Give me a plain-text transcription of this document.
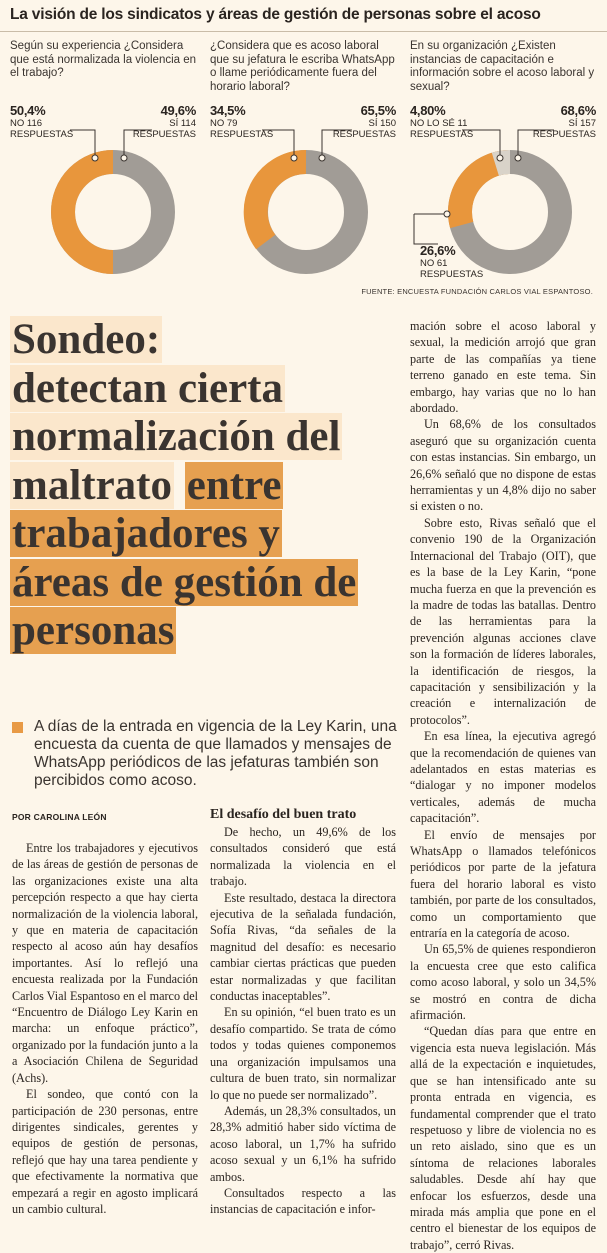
La visión de los sindicatos y áreas de gestión de personas sobre el acoso
Según su experiencia ¿Considera que está normalizada la violencia en el trabajo?
50,4%
NO 116
RESPUESTAS
49,6%
SÍ 114
RESPUESTAS
¿Considera que es acoso laboral que su jefatura le escriba WhatsApp o llame periódicamente fuera del horario laboral?
34,5%
NO 79
RESPUESTAS
65,5%
SÍ 150
RESPUESTAS
En su organización ¿Existen instancias de capacitación e información sobre el acoso laboral y sexual?
4,80%
NO LO SÉ 11
RESPUESTAS
68,6%
SÍ 157
RESPUESTAS
26,6%
NO 61
RESPUESTAS
FUENTE: ENCUESTA FUNDACIÓN CARLOS VIAL ESPANTOSO.
Sondeo:
detectan cierta
normalización del
maltrato entre
trabajadores y
áreas de gestión de
personas
A días de la entrada en vigencia de la Ley Karin, una encuesta da cuenta de que llamados y mensajes de WhatsApp periódicos de las jefaturas también son percibidos como acoso.
POR CAROLINA LEÓN	El desafío del buen trato

Entre los trabajadores y ejecutivos de las áreas de gestión de personas de las organizaciones existe una alta percepción respecto a que hay cierta normalización de la violencia laboral, y que en materia de capacitación respecto al acoso aún hay desafíos importantes. Así lo reflejó una encuesta realizada por la Fundación Carlos Vial Espantoso en el marco del “Encuentro de Diálogo Ley Karin en marcha: un enfoque práctico”, organizado por la fundación junto a la a Asociación Chilena de Seguridad (Achs).

El sondeo, que contó con la participación de 230 personas, entre dirigentes sindicales, gerentes y equipos de gestión de personas, reflejó que hay una tarea pendiente y que efectivamente la normativa que empezará a regir en agosto implicará un cambio cultural.

De hecho, un 49,6% de los consultados consideró que está normalizada la violencia en el trabajo.

Este resultado, destaca la directora ejecutiva de la señalada fundación, Sofía Rivas, “da señales de la magnitud del desafío: es necesario cambiar ciertas prácticas que pueden estar normalizadas y que facilitan conductas inaceptables”.

En su opinión, “el buen trato es un desafío compartido. Se trata de cómo todos y todas quienes componemos una organización impulsamos una cultura de buen trato, sin normalizar lo que no puede ser normalizado”.

Además, un 28,3% consultados, un 28,3% admitió haber sido víctima de acoso laboral, un 1,7% ha sufrido acoso sexual y un 6,1% ha sufrido ambos.

Consultados respecto a las instancias de capacitación e infor-

mación sobre el acoso laboral y sexual, la medición arrojó que gran parte de las compañías ya tiene terreno ganado en este tema. Sin embargo, hay varias que no lo han abordado.

Un 68,6% de los consultados aseguró que su organización cuenta con estas instancias. Sin embargo, un 26,6% señaló que no dispone de estas herramientas y un 4,8% dijo no saber si existen o no.

Sobre esto, Rivas señaló que el convenio 190 de la Organización Internacional del Trabajo (OIT), que es la base de la Ley Karin, “pone mucha fuerza en que la prevención es la madre de todas las batallas. Dentro de las herramientas para la prevención algunas acciones clave son la formación de líderes laborales, la identificación de riesgos, la capacitación y sensibilización y la creación e internalización de protocolos”.

En esa línea, la ejecutiva agregó que la recomendación de quienes van adelantados en estas materias es “dialogar y no imponer modelos verticales, además de mucha capacitación”.

El envío de mensajes por WhatsApp o llamados telefónicos periódicos por parte de la jefatura fuera del horario laboral es visto también, por parte de los consultados, como un comportamiento que entraría en la categoría de acoso.

Un 65,5% de quienes respondieron la encuesta cree que esto califica como acoso laboral, y solo un 34,5% se mostró en contra de dicha afirmación.

“Quedan días para que entre en vigencia esta nueva legislación. Más allá de la expectación e inquietudes, que se han intensificado ante su pronta entrada en vigencia, es fundamental comprender que el trato respetuoso y libre de violencia no es un reto aislado, sino que es un síntoma de relaciones laborales saludables. Desde ahí hay que enfocar los esfuerzos, desde una mirada más amplia que pone en el centro el bienestar de los equipos de trabajo”, cerró Rivas.
